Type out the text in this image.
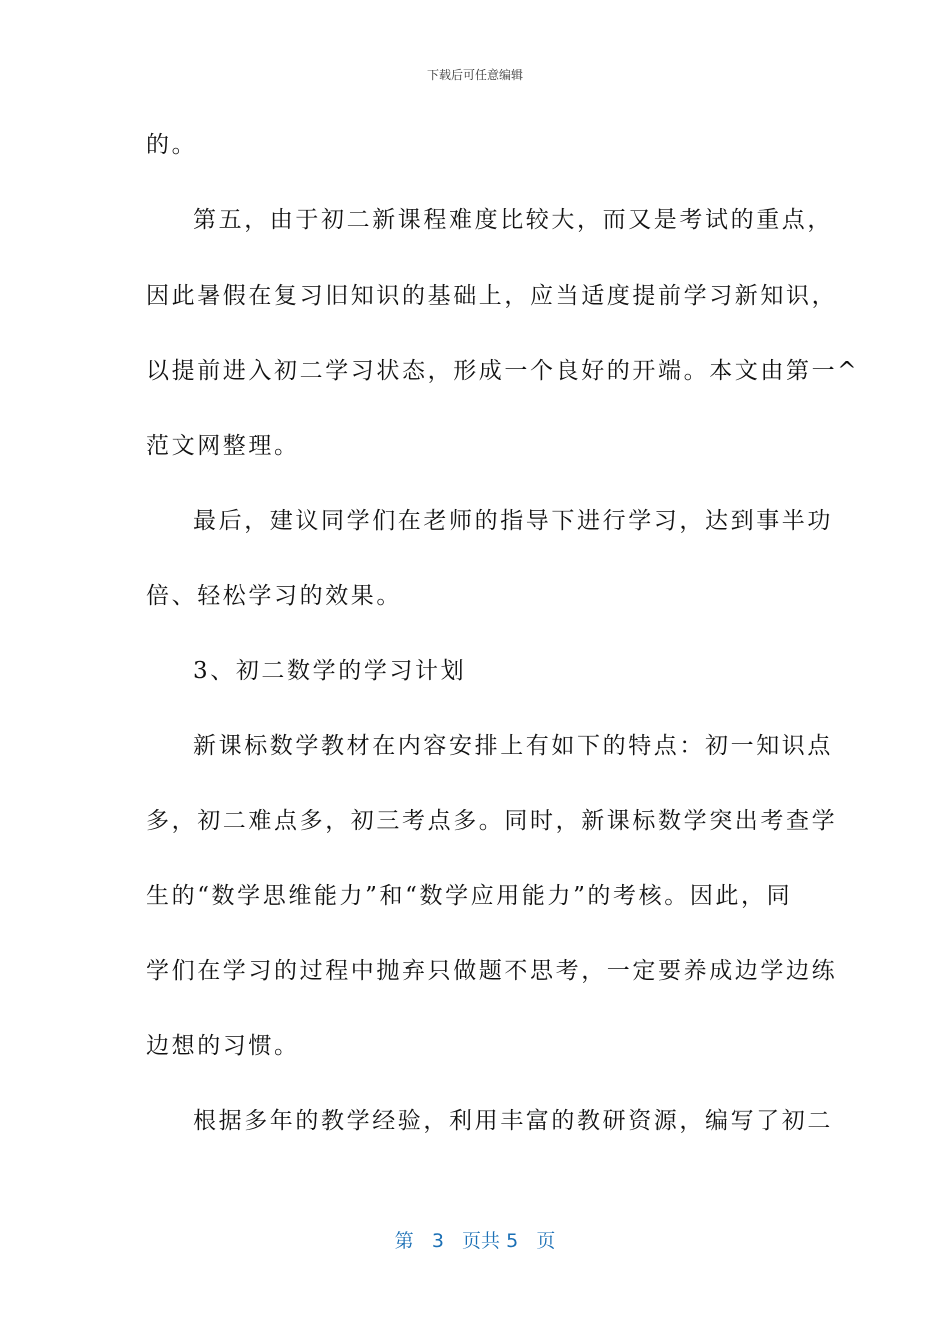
下载后可任意编辑
的。
第五，由于初二新课程难度比较大，而又是考试的重点，
因此暑假在复习旧知识的基础上，应当适度提前学习新知识，
以提前进入初二学习状态，形成一个良好的开端。本文由第一^
范文网整理。
最后，建议同学们在老师的指导下进行学习，达到事半功
倍、轻松学习的效果。
3、初二数学的学习计划
新课标数学教材在内容安排上有如下的特点：初一知识点
多，初二难点多，初三考点多。同时，新课标数学突出考查学
生的“数学思维能力”和“数学应用能力”的考核。因此，同
学们在学习的过程中抛弃只做题不思考，一定要养成边学边练
边想的习惯。
根据多年的教学经验，利用丰富的教研资源，编写了初二
第 3 页共 5 页
